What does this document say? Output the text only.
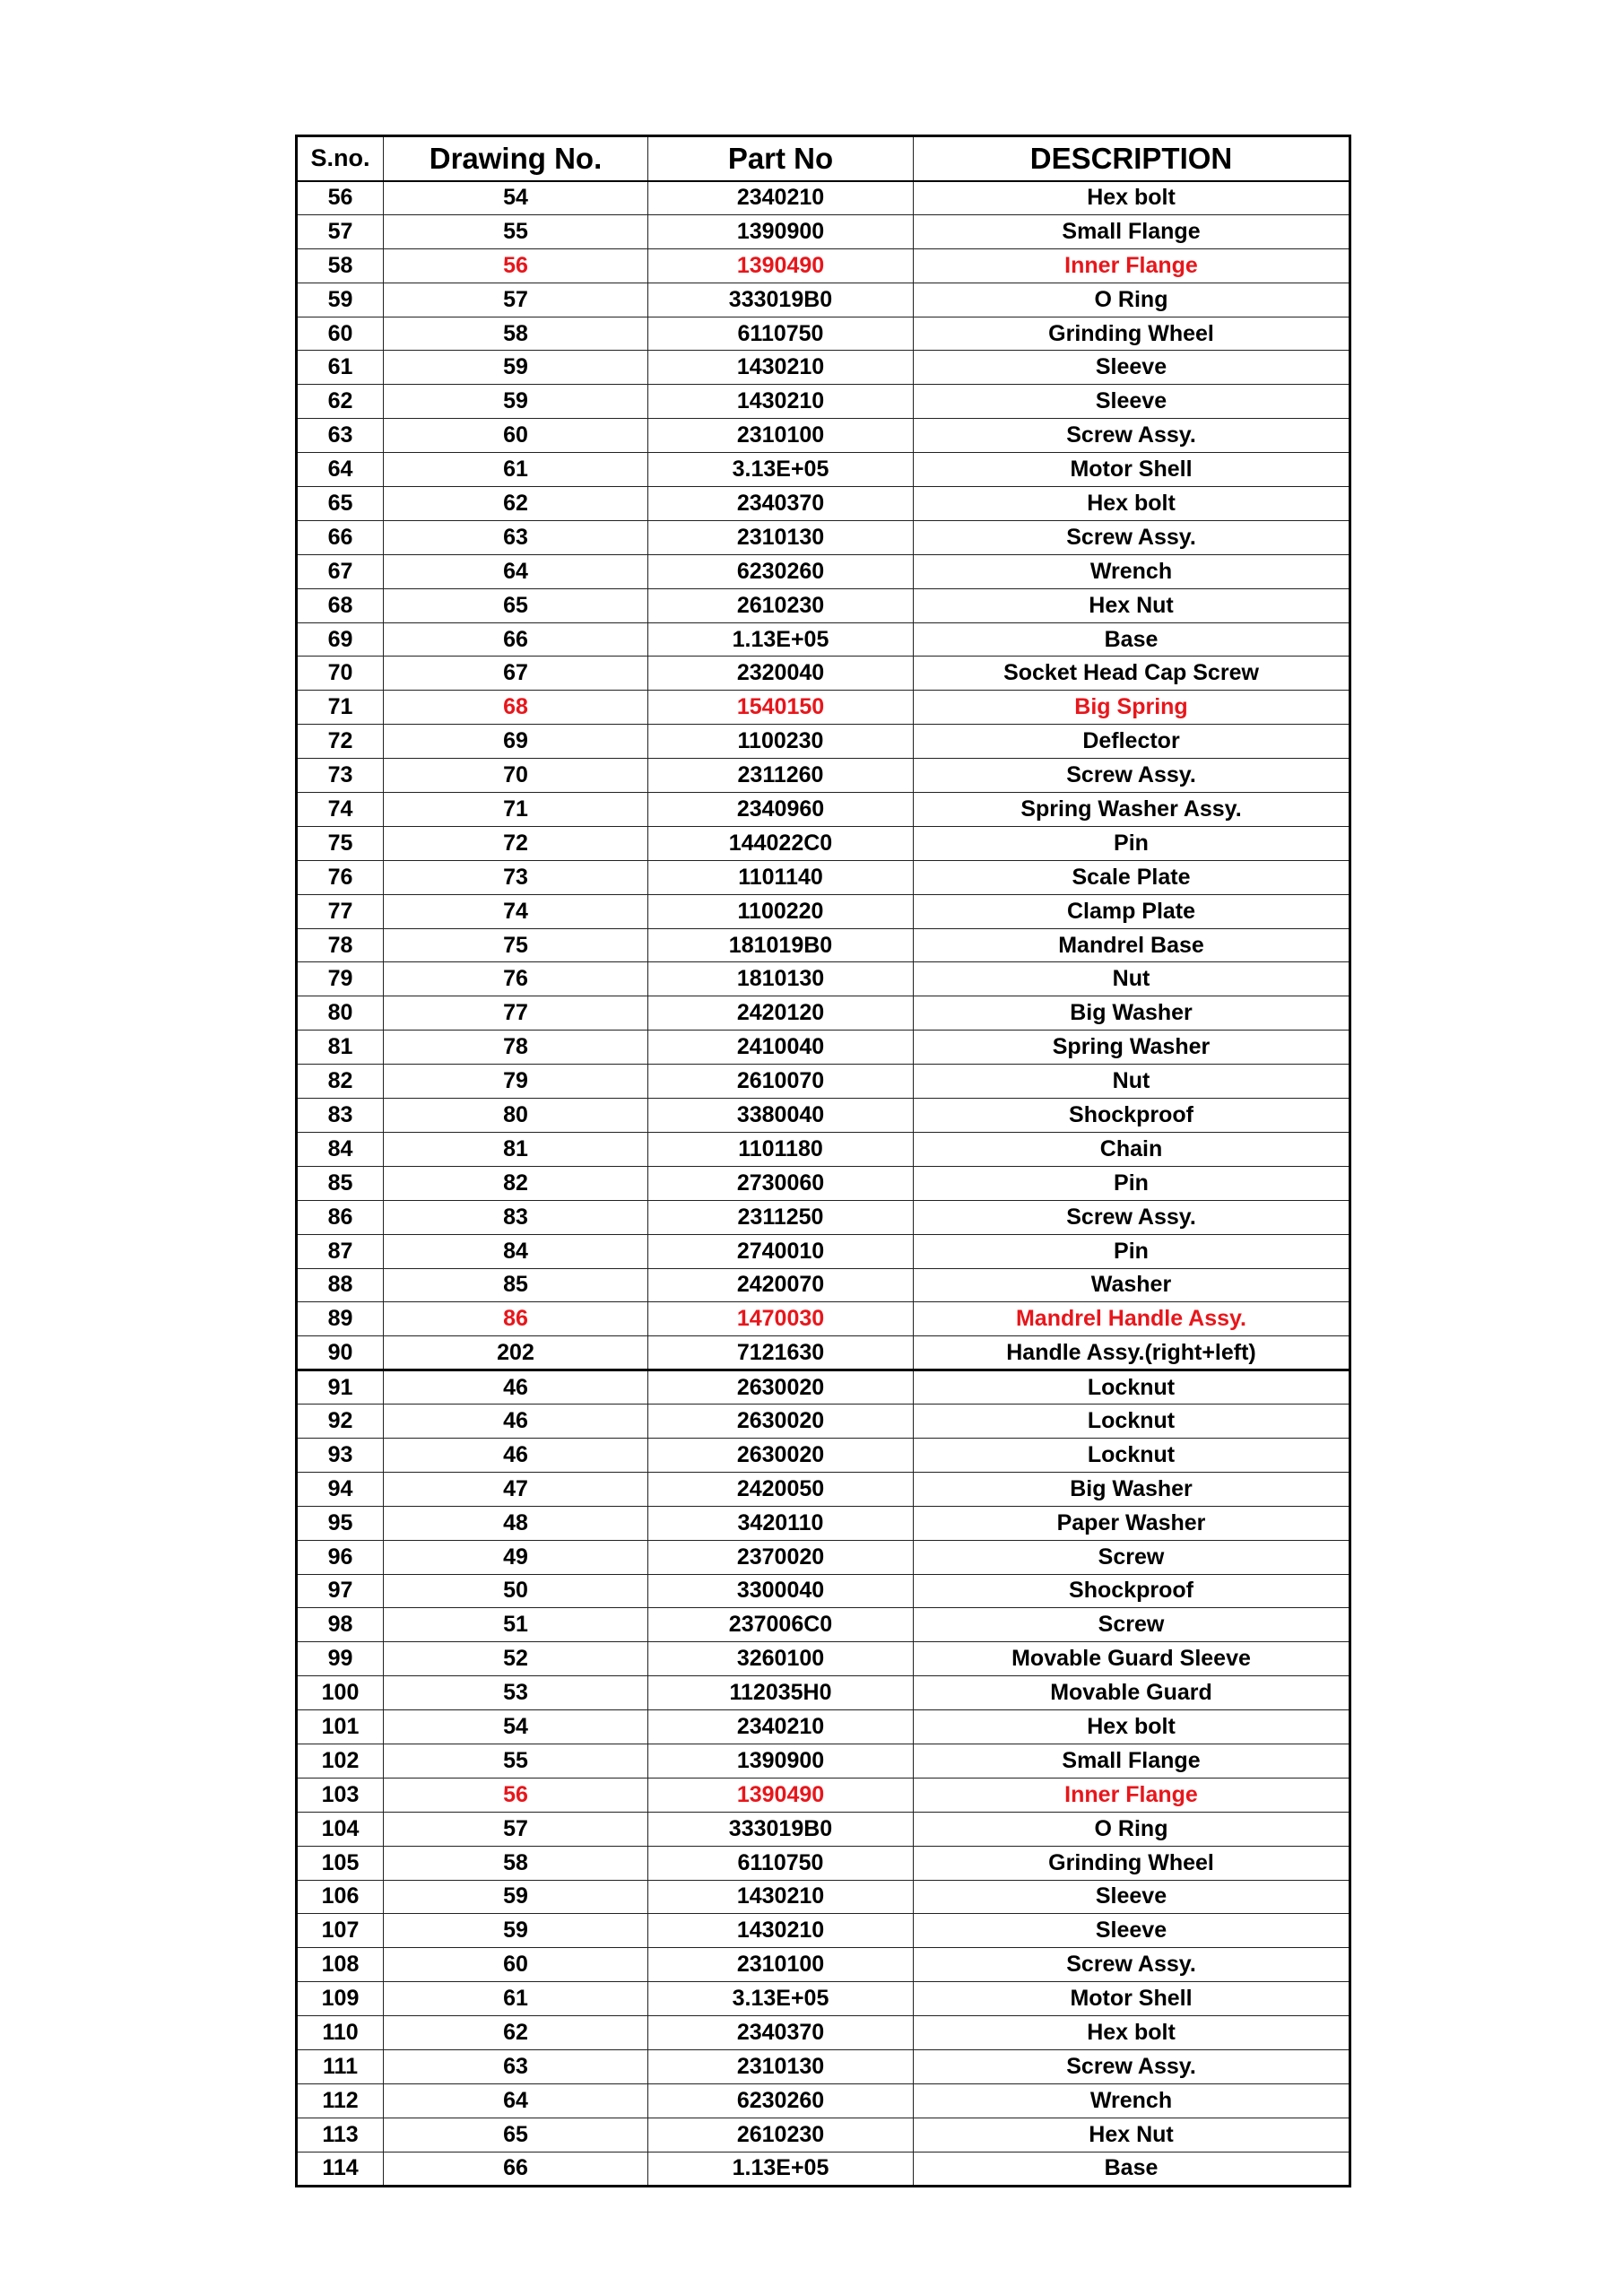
S.no.	Drawing No.	Part No	DESCRIPTION
56	54	2340210	Hex bolt
57	55	1390900	Small Flange
58	56	1390490	Inner Flange
59	57	333019B0	O Ring
60	58	6110750	Grinding Wheel
61	59	1430210	Sleeve
62	59	1430210	Sleeve
63	60	2310100	Screw Assy.
64	61	3.13E+05	Motor Shell
65	62	2340370	Hex bolt
66	63	2310130	Screw Assy.
67	64	6230260	Wrench
68	65	2610230	Hex Nut
69	66	1.13E+05	Base
70	67	2320040	Socket Head Cap Screw
71	68	1540150	Big Spring
72	69	1100230	Deflector
73	70	2311260	Screw Assy.
74	71	2340960	Spring Washer Assy.
75	72	144022C0	Pin
76	73	1101140	Scale Plate
77	74	1100220	Clamp Plate
78	75	181019B0	Mandrel Base
79	76	1810130	Nut
80	77	2420120	Big Washer
81	78	2410040	Spring Washer
82	79	2610070	Nut
83	80	3380040	Shockproof
84	81	1101180	Chain
85	82	2730060	Pin
86	83	2311250	Screw Assy.
87	84	2740010	Pin
88	85	2420070	Washer
89	86	1470030	Mandrel Handle Assy.
90	202	7121630	Handle Assy.(right+left)
91	46	2630020	Locknut
92	46	2630020	Locknut
93	46	2630020	Locknut
94	47	2420050	Big Washer
95	48	3420110	Paper Washer
96	49	2370020	Screw
97	50	3300040	Shockproof
98	51	237006C0	Screw
99	52	3260100	Movable Guard Sleeve
100	53	112035H0	Movable Guard
101	54	2340210	Hex bolt
102	55	1390900	Small Flange
103	56	1390490	Inner Flange
104	57	333019B0	O Ring
105	58	6110750	Grinding Wheel
106	59	1430210	Sleeve
107	59	1430210	Sleeve
108	60	2310100	Screw Assy.
109	61	3.13E+05	Motor Shell
110	62	2340370	Hex bolt
111	63	2310130	Screw Assy.
112	64	6230260	Wrench
113	65	2610230	Hex Nut
114	66	1.13E+05	Base
